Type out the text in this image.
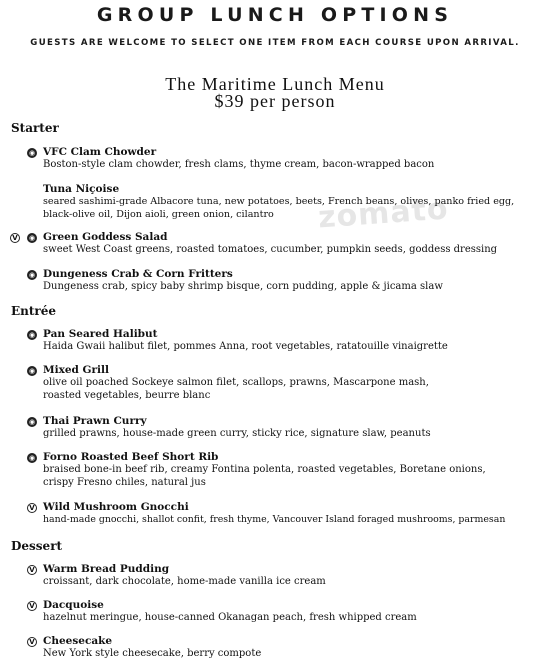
GROUP LUNCH OPTIONS
GUESTS ARE WELCOME TO SELECT ONE ITEM FROM EACH COURSE UPON ARRIVAL.
The Maritime Lunch Menu
$39 per person
zomato
Starter
◉ VFC Clam Chowder
Boston-style clam chowder, fresh clams, thyme cream, bacon-wrapped bacon
Tuna Niçoise
seared sashimi-grade Albacore tuna, new potatoes, beets, French beans, olives, panko fried egg,
black-olive oil, Dijon aioli, green onion, cilantro
V	◉ Green Goddess Salad
sweet West Coast greens, roasted tomatoes, cucumber, pumpkin seeds, goddess dressing
◉ Dungeness Crab & Corn Fritters
Dungeness crab, spicy baby shrimp bisque, corn pudding, apple & jicama slaw
Entrée
◉ Pan Seared Halibut
Haida Gwaii halibut filet, pommes Anna, root vegetables, ratatouille vinaigrette
◉ Mixed Grill
olive oil poached Sockeye salmon filet, scallops, prawns, Mascarpone mash,
roasted vegetables, beurre blanc
◉ Thai Prawn Curry
grilled prawns, house-made green curry, sticky rice, signature slaw, peanuts
◉ Forno Roasted Beef Short Rib
braised bone-in beef rib, creamy Fontina polenta, roasted vegetables, Boretane onions,
crispy Fresno chiles, natural jus
V Wild Mushroom Gnocchi
hand-made gnocchi, shallot confit, fresh thyme, Vancouver Island foraged mushrooms, parmesan
Dessert
V Warm Bread Pudding
croissant, dark chocolate, home-made vanilla ice cream
V Dacquoise
hazelnut meringue, house-canned Okanagan peach, fresh whipped cream
V Cheesecake
New York style cheesecake, berry compote
